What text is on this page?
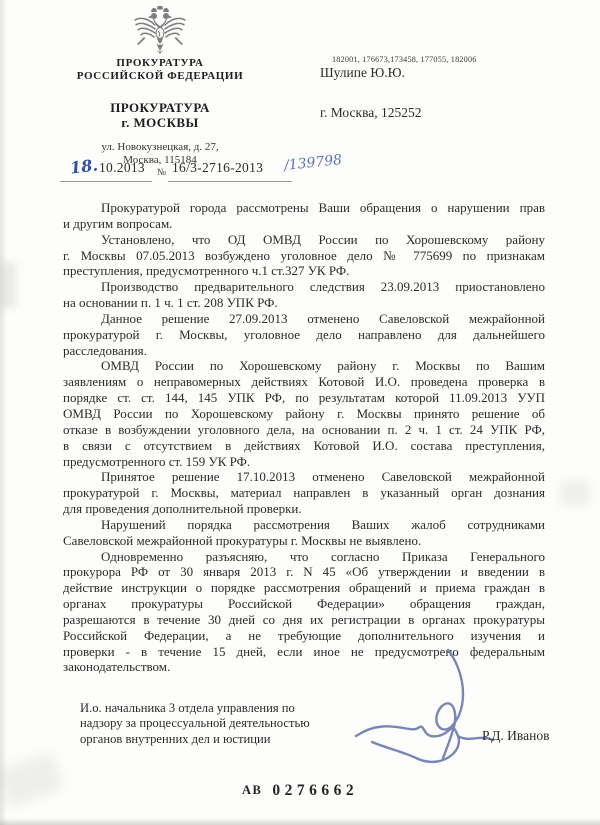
ПРОКУРАТУРА
РОССИЙСКОЙ ФЕДЕРАЦИИ
ПРОКУРАТУРА
г. МОСКВЫ
ул. Новокузнецкая, д. 27,
Москва, 115184
18. 10.2013 № 16/3-2716-2013 /139798
182001, 176673,173458, 177055, 182006
Шулипе Ю.Ю.
г. Москва, 125252
Прокуратурой города рассмотрены Ваши обращения о нарушении прав
и другим вопросам.
Установлено, что ОД ОМВД России по Хорошевскому району
г. Москвы 07.05.2013 возбуждено уголовное дело № 775699 по признакам
преступления, предусмотренного ч.1 ст.327 УК РФ.
Производство предварительного следствия 23.09.2013 приостановлено
на основании п. 1 ч. 1 ст. 208 УПК РФ.
Данное решение 27.09.2013 отменено Савеловской межрайонной
прокуратурой г. Москвы, уголовное дело направлено для дальнейшего
расследования.
ОМВД России по Хорошевскому району г. Москвы по Вашим
заявлениям о неправомерных действиях Котовой И.О. проведена проверка в
порядке ст. ст. 144, 145 УПК РФ, по результатам которой 11.09.2013 УУП
ОМВД России по Хорошевскому району г. Москвы принято решение об
отказе в возбуждении уголовного дела, на основании п. 2 ч. 1 ст. 24 УПК РФ,
в связи с отсутствием в действиях Котовой И.О. состава преступления,
предусмотренного ст. 159 УК РФ.
Принятое решение 17.10.2013 отменено Савеловской межрайонной
прокуратурой г. Москвы, материал направлен в указанный орган дознания
для проведения дополнительной проверки.
Нарушений порядка рассмотрения Ваших жалоб сотрудниками
Савеловской межрайонной прокуратуры г. Москвы не выявлено.
Одновременно разъясняю, что согласно Приказа Генерального
прокурора РФ от 30 января 2013 г. N 45 «Об утверждении и введении в
действие инструкции о порядке рассмотрения обращений и приема граждан в
органах прокуратуры Российской Федерации» обращения граждан,
разрешаются в течение 30 дней со дня их регистрации в органах прокуратуры
Российской Федерации, а не требующие дополнительного изучения и
проверки - в течение 15 дней, если иное не предусмотрено федеральным
законодательством.
И.о. начальника 3 отдела управления по
надзору за процессуальной деятельностью
органов внутренних дел и юстиции	Р.Д. Иванов
АВ 0276662
